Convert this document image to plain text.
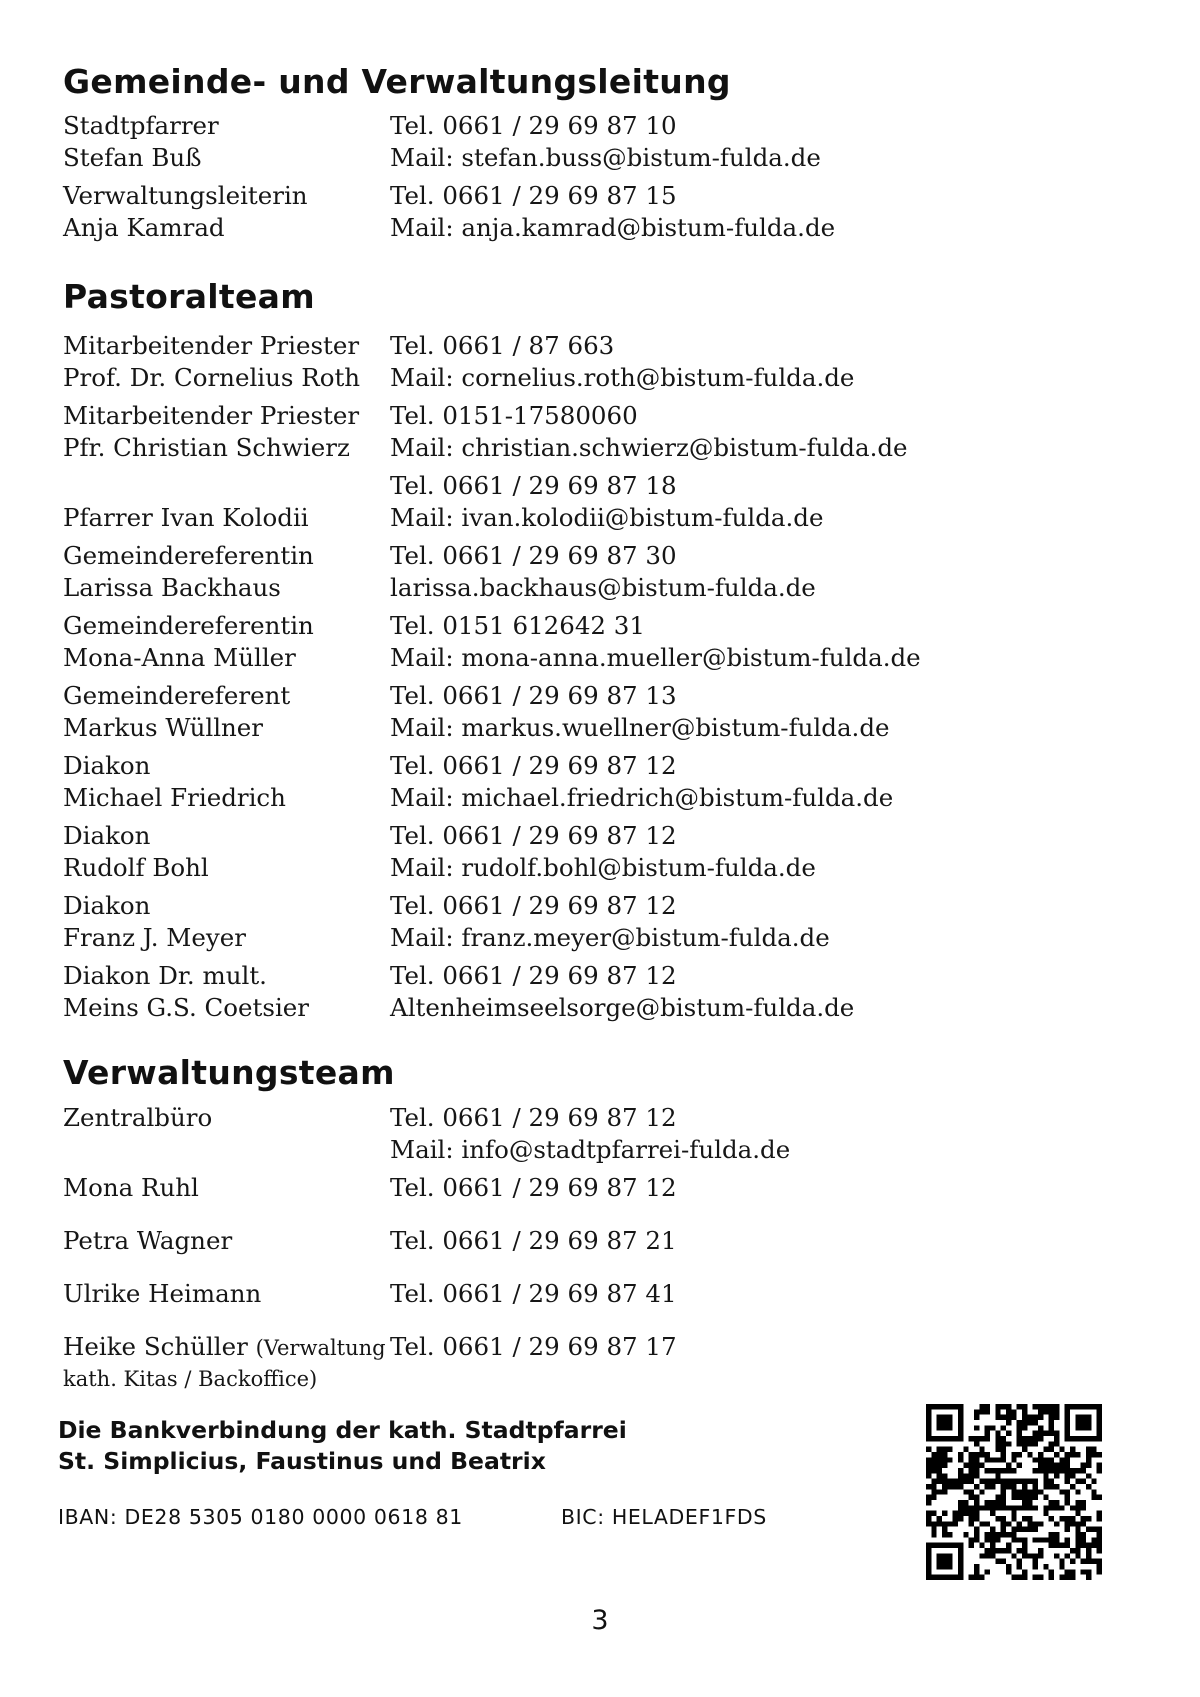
Gemeinde- und Verwaltungsleitung
Stadtpfarrer	Tel. 0661 / 29 69 87 10
Stefan Buß	Mail: stefan.buss@bistum-fulda.de
Verwaltungsleiterin	Tel. 0661 / 29 69 87 15
Anja Kamrad	Mail: anja.kamrad@bistum-fulda.de
Pastoralteam
Mitarbeitender Priester Tel. 0661 / 87 663
Prof. Dr. Cornelius Roth Mail: cornelius.roth@bistum-fulda.de
Mitarbeitender Priester Tel. 0151-17580060
Pfr. Christian Schwierz Mail: christian.schwierz@bistum-fulda.de
Tel. 0661 / 29 69 87 18
Pfarrer Ivan Kolodii	Mail: ivan.kolodii@bistum-fulda.de
Gemeindereferentin	Tel. 0661 / 29 69 87 30
Larissa Backhaus	larissa.backhaus@bistum-fulda.de
Gemeindereferentin	Tel. 0151 612642 31
Mona-Anna Müller	Mail: mona-anna.mueller@bistum-fulda.de
Gemeindereferent	Tel. 0661 / 29 69 87 13
Markus Wüllner	Mail: markus.wuellner@bistum-fulda.de
Diakon	Tel. 0661 / 29 69 87 12
Michael Friedrich	Mail: michael.friedrich@bistum-fulda.de
Diakon	Tel. 0661 / 29 69 87 12
Rudolf Bohl	Mail: rudolf.bohl@bistum-fulda.de
Diakon	Tel. 0661 / 29 69 87 12
Franz J. Meyer	Mail: franz.meyer@bistum-fulda.de
Diakon Dr. mult.	Tel. 0661 / 29 69 87 12
Meins G.S. Coetsier	Altenheimseelsorge@bistum-fulda.de
Verwaltungsteam
Zentralbüro	Tel. 0661 / 29 69 87 12
Mail: info@stadtpfarrei-fulda.de
Mona Ruhl	Tel. 0661 / 29 69 87 12
Petra Wagner	Tel. 0661 / 29 69 87 21
Ulrike Heimann	Tel. 0661 / 29 69 87 41
Heike Schüller (Verwaltung Tel. 0661 / 29 69 87 17
kath. Kitas / Backoffice)
Die Bankverbindung der kath. Stadtpfarrei
St. Simplicius, Faustinus und Beatrix
IBAN: DE28 5305 0180 0000 0618 81	BIC: HELADEF1FDS
3
